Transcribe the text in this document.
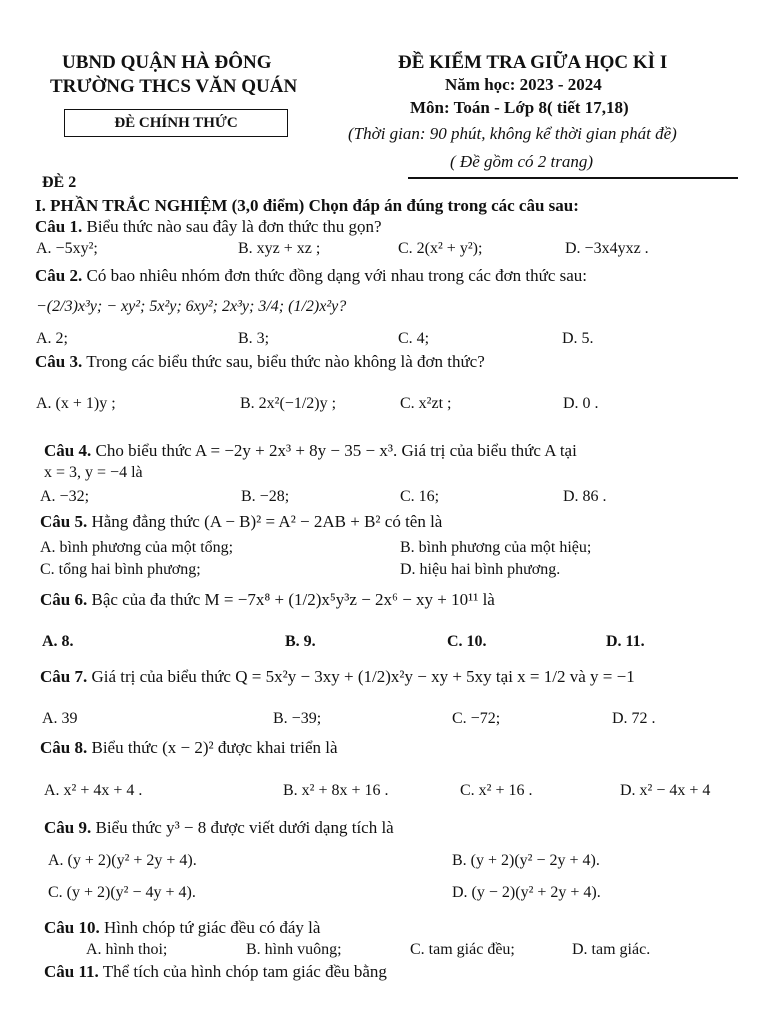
UBND QUẬN HÀ ĐÔNG
TRƯỜNG THCS VĂN QUÁN
ĐÈ CHÍNH THỨC
ĐỀ KIỂM TRA GIỮA HỌC KÌ I
Năm học: 2023 - 2024
Môn: Toán - Lớp 8( tiết 17,18)
(Thời gian: 90 phút, không kể thời gian phát đề)
( Đề gồm có 2 trang)
ĐÈ 2
I. PHẦN TRẮC NGHIỆM (3,0 điểm) Chọn đáp án đúng trong các câu sau:
Câu 1. Biểu thức nào sau đây là đơn thức thu gọn?
A. −5xy²;	B. xyz + xz ;	C. 2(x² + y²);	D. −3x4yxz .
Câu 2. Có bao nhiêu nhóm đơn thức đồng dạng với nhau trong các đơn thức sau:
−(2/3)x³y; − xy²; 5x²y; 6xy²; 2x³y; 3/4; (1/2)x²y?
A. 2;	B. 3;	C. 4;	D. 5.
Câu 3. Trong các biểu thức sau, biểu thức nào không là đơn thức?
A. (x + 1)y ;	B. 2x²(−1/2)y ;	C. x²zt ;	D. 0 .
Câu 4. Cho biểu thức A = −2y + 2x³ + 8y − 35 − x³. Giá trị của biểu thức A tại
x = 3, y = −4 là
A. −32;	B. −28;	C. 16;	D. 86 .
Câu 5. Hằng đẳng thức (A − B)² = A² − 2AB + B² có tên là
A. bình phương của một tổng;	B. bình phương của một hiệu;
C. tổng hai bình phương;	D. hiệu hai bình phương.
Câu 6. Bậc của đa thức M = −7x⁸ + (1/2)x⁵y³z − 2x⁶ − xy + 10¹¹ là
A. 8.	B. 9.	C. 10.	D. 11.
Câu 7. Giá trị của biểu thức Q = 5x²y − 3xy + (1/2)x²y − xy + 5xy tại x = 1/2 và y = −1
A. 39	B. −39;	C. −72;	D. 72 .
Câu 8. Biểu thức (x − 2)² được khai triển là
A. x² + 4x + 4 .	B. x² + 8x + 16 .	C. x² + 16 .	D. x² − 4x + 4
Câu 9. Biểu thức y³ − 8 được viết dưới dạng tích là
A. (y + 2)(y² + 2y + 4).	B. (y + 2)(y² − 2y + 4).
C. (y + 2)(y² − 4y + 4).	D. (y − 2)(y² + 2y + 4).
Câu 10. Hình chóp tứ giác đều có đáy là
A. hình thoi;	B. hình vuông;	C. tam giác đều;	D. tam giác.
Câu 11. Thể tích của hình chóp tam giác đều bằng
